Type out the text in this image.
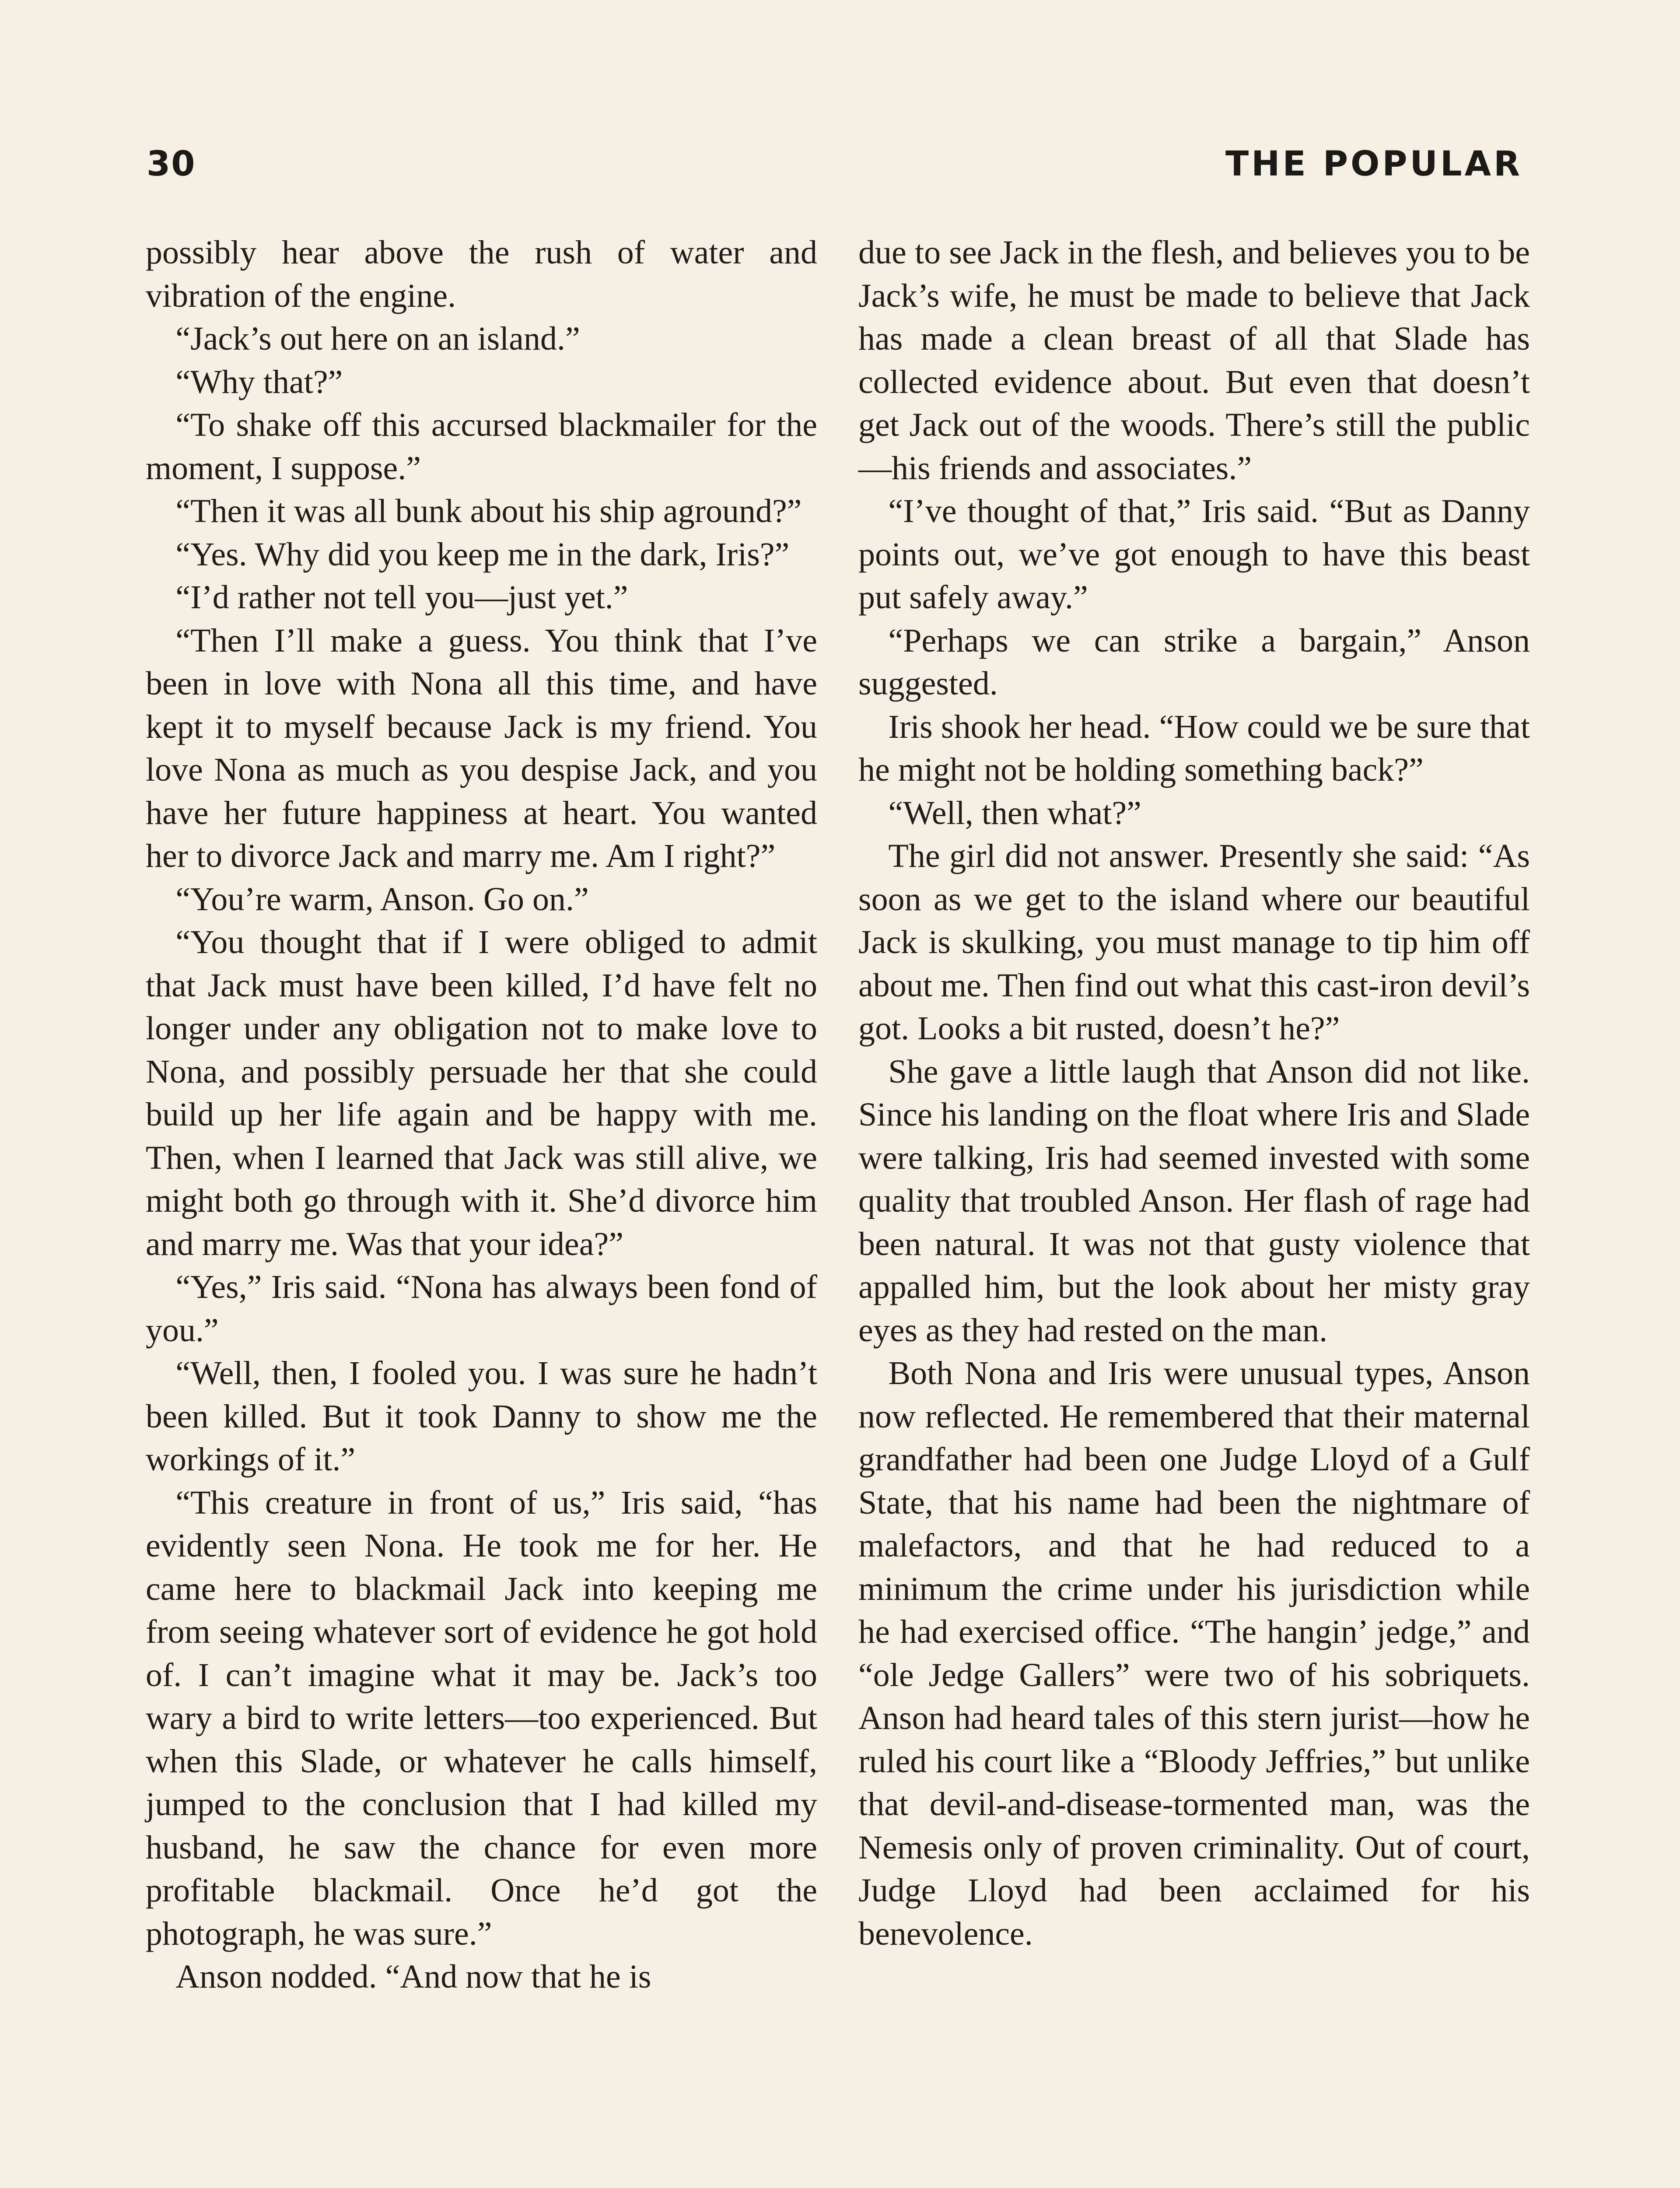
30	THE POPULAR

possibly hear above the rush of water and vibration of the engine.

“Jack’s out here on an island.”

“Why that?”

“To shake off this accursed blackmailer for the moment, I suppose.”

“Then it was all bunk about his ship aground?”

“Yes. Why did you keep me in the dark, Iris?”

“I’d rather not tell you—just yet.”

“Then I’ll make a guess. You think that I’ve been in love with Nona all this time, and have kept it to myself because Jack is my friend. You love Nona as much as you despise Jack, and you have her future happiness at heart. You wanted her to divorce Jack and marry me. Am I right?”

“You’re warm, Anson. Go on.”

“You thought that if I were obliged to admit that Jack must have been killed, I’d have felt no longer under any obligation not to make love to Nona, and possibly persuade her that she could build up her life again and be happy with me. Then, when I learned that Jack was still alive, we might both go through with it. She’d divorce him and marry me. Was that your idea?”

“Yes,” Iris said. “Nona has always been fond of you.”

“Well, then, I fooled you. I was sure he hadn’t been killed. But it took Danny to show me the workings of it.”

“This creature in front of us,” Iris said, “has evidently seen Nona. He took me for her. He came here to blackmail Jack into keeping me from seeing whatever sort of evidence he got hold of. I can’t imagine what it may be. Jack’s too wary a bird to write letters—too experienced. But when this Slade, or whatever he calls himself, jumped to the conclusion that I had killed my husband, he saw the chance for even more profitable blackmail. Once he’d got the photograph, he was sure.”

Anson nodded. “And now that he is

due to see Jack in the flesh, and believes you to be Jack’s wife, he must be made to believe that Jack has made a clean breast of all that Slade has collected evidence about. But even that doesn’t get Jack out of the woods. There’s still the public—his friends and associates.”

“I’ve thought of that,” Iris said. “But as Danny points out, we’ve got enough to have this beast put safely away.”

“Perhaps we can strike a bargain,” Anson suggested.

Iris shook her head. “How could we be sure that he might not be holding something back?”

“Well, then what?”

The girl did not answer. Presently she said: “As soon as we get to the island where our beautiful Jack is skulking, you must manage to tip him off about me. Then find out what this cast-iron devil’s got. Looks a bit rusted, doesn’t he?”

She gave a little laugh that Anson did not like. Since his landing on the float where Iris and Slade were talking, Iris had seemed invested with some quality that troubled Anson. Her flash of rage had been natural. It was not that gusty violence that appalled him, but the look about her misty gray eyes as they had rested on the man.

Both Nona and Iris were unusual types, Anson now reflected. He remembered that their maternal grandfather had been one Judge Lloyd of a Gulf State, that his name had been the nightmare of malefactors, and that he had reduced to a minimum the crime under his jurisdiction while he had exercised office. “The hangin’ jedge,” and “ole Jedge Gallers” were two of his sobriquets. Anson had heard tales of this stern jurist—how he ruled his court like a “Bloody Jeffries,” but unlike that devil-and-disease-tormented man, was the Nemesis only of proven criminality. Out of court, Judge Lloyd had been acclaimed for his benevolence.
